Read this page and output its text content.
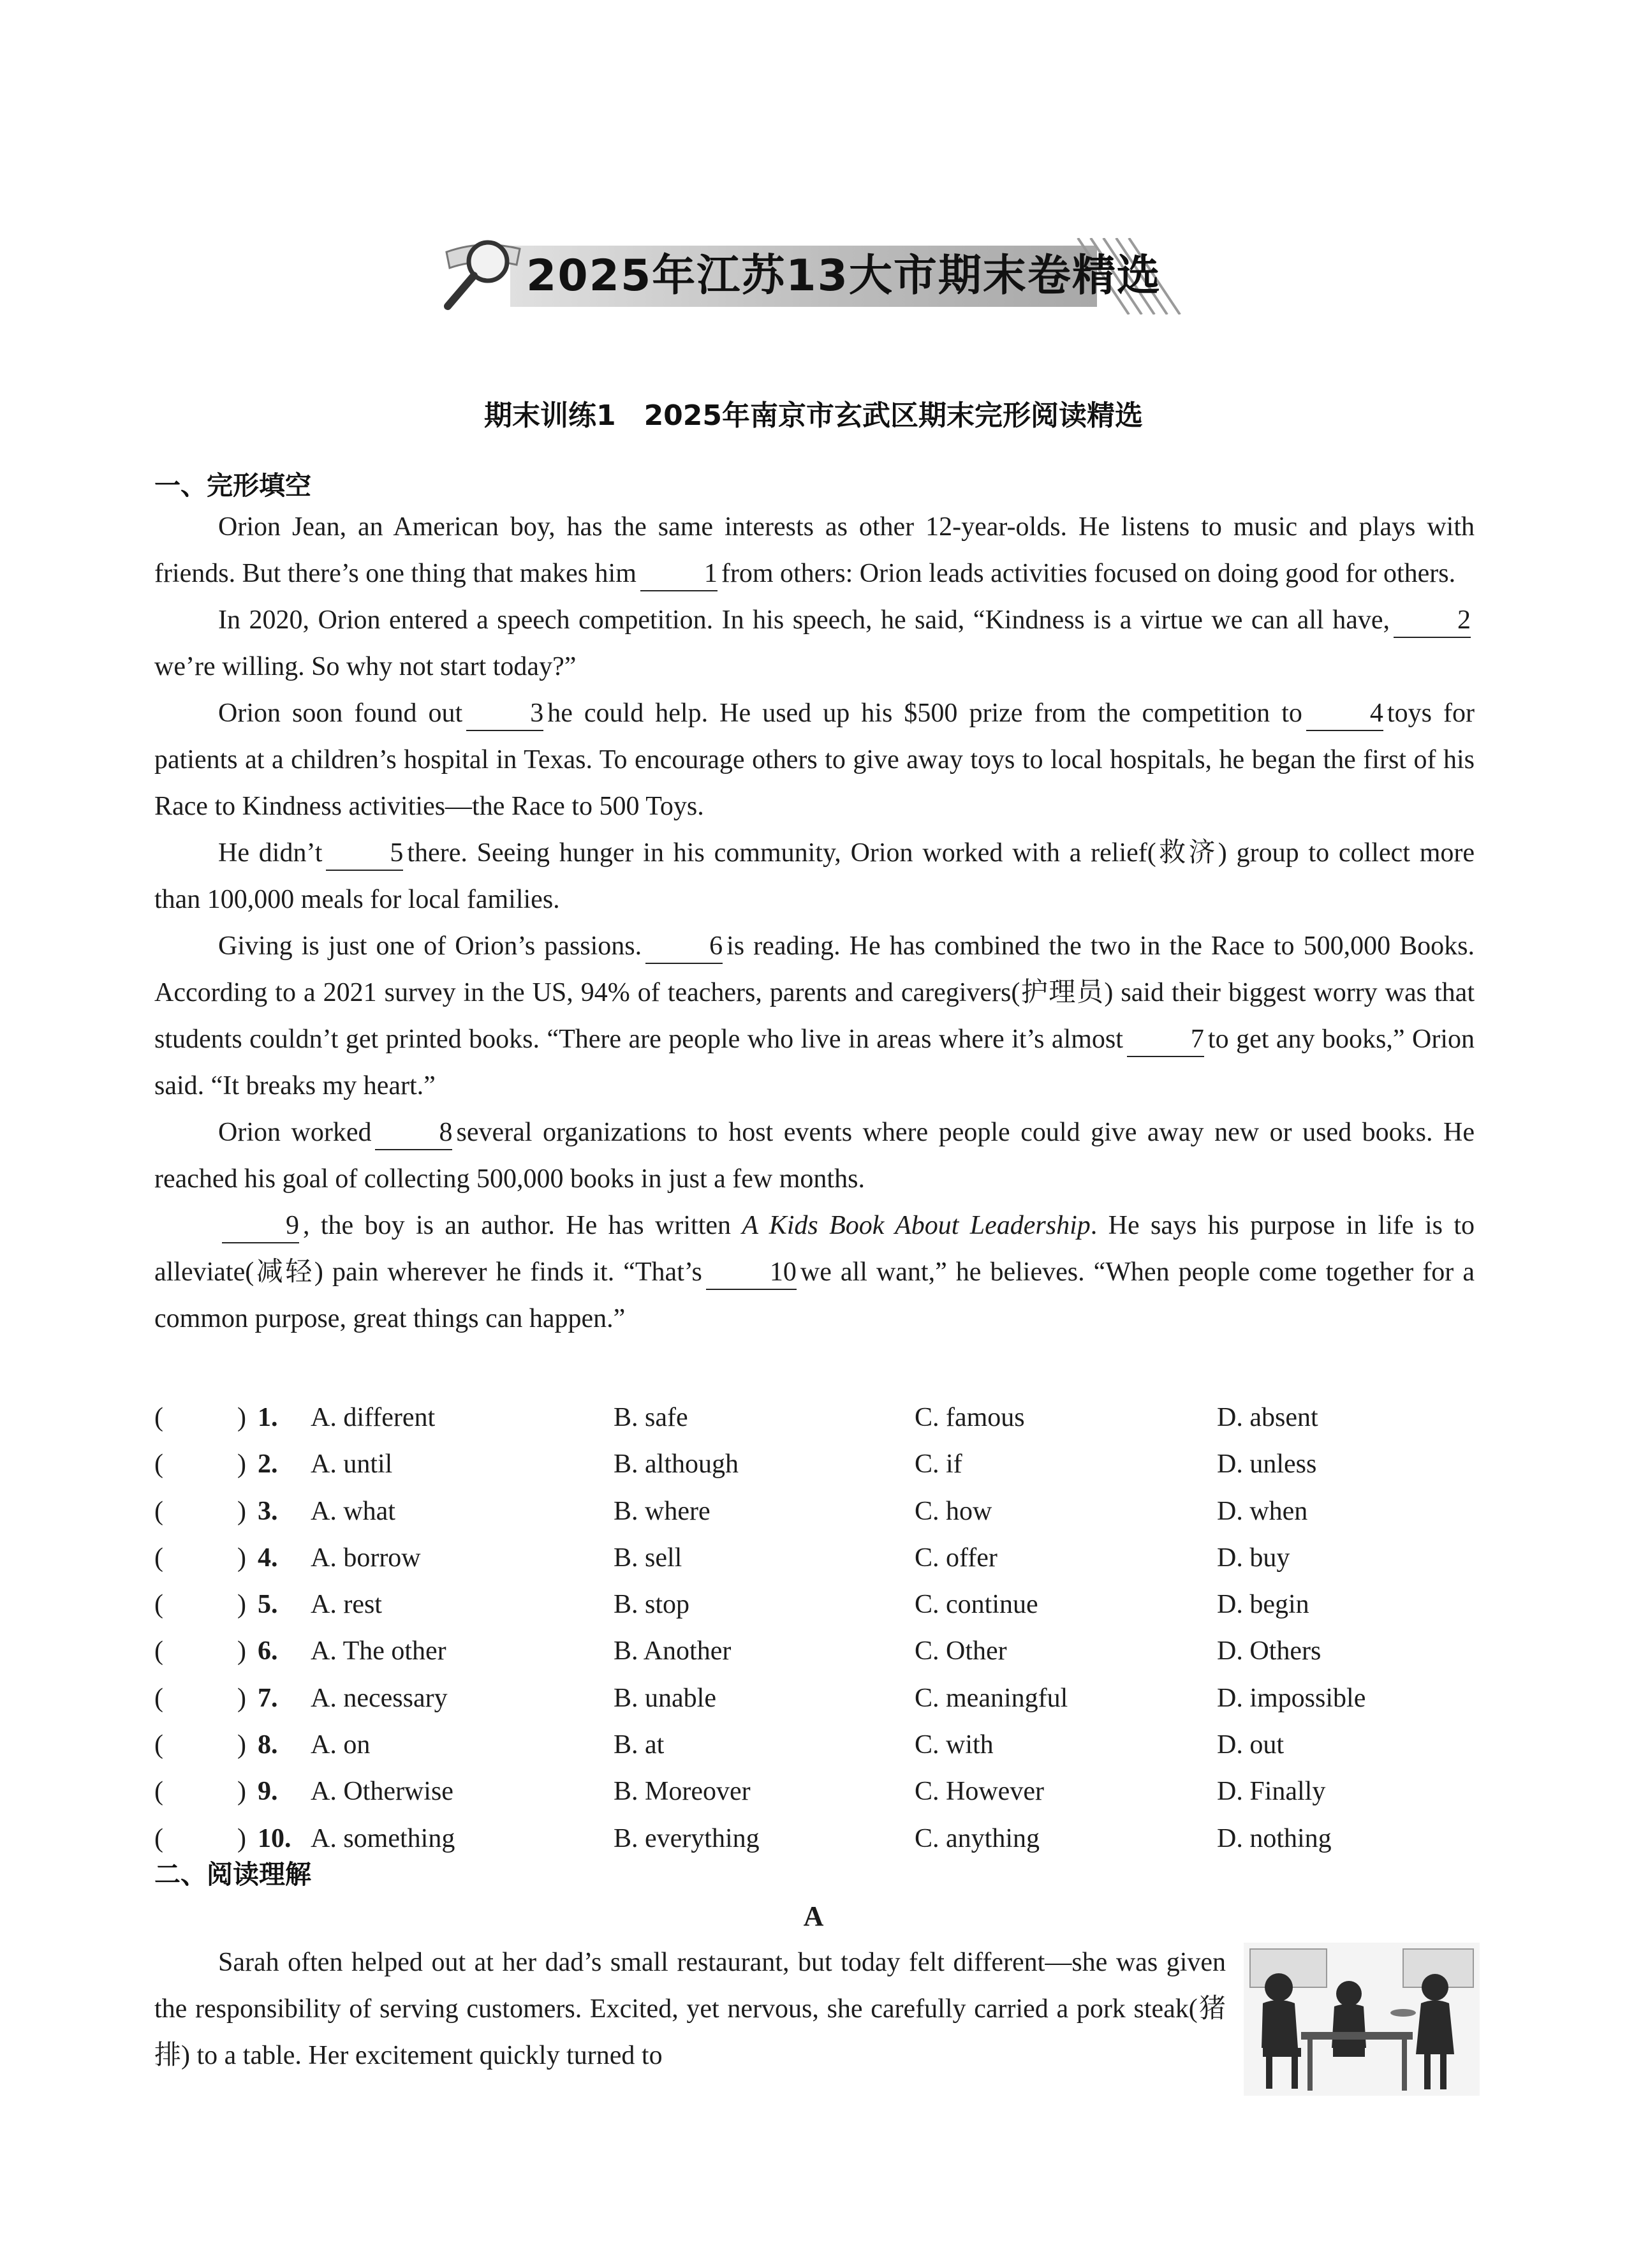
2025年江苏13大市期末卷精选
期末训练1　2025年南京市玄武区期末完形阅读精选
一、完形填空

Orion Jean, an American boy, has the same interests as other 12-year-olds. He listens to music and plays with friends. But there’s one thing that makes him	1 from others: Orion leads activities focused on doing good for others.

In 2020, Orion entered a speech competition. In his speech, he said, “Kindness is a virtue we can all have,	2we’re willing. So why not start today?”

Orion soon found out	3 he could help. He used up his $500 prize from the competition to	4 toys for patients at a children’s hospital in Texas. To encourage others to give away toys to local hospitals, he began the first of his Race to Kindness activities—the Race to 500 Toys.

He didn’t	5 there. Seeing hunger in his community, Orion worked with a relief(救济) group to collect more than 100,000 meals for local families.

Giving is just one of Orion’s passions.	6 is reading. He has combined the two in the Race to 500,000 Books. According to a 2021 survey in the US, 94% of teachers, parents and caregivers(护理员) said their biggest worry was that students couldn’t get printed books. “There are people who live in areas where it’s almost	7 to get any books,” Orion said. “It breaks my heart.”

Orion worked	8 several organizations to host events where people could give away new or used books. He reached his goal of collecting 500,000 books in just a few months.

9 , the boy is an author. He has written A Kids Book About Leadership. He says his purpose in life is to alleviate(减轻) pain wherever he finds it. “That’s	10 we all want,” he believes. “When people come together for a common purpose, great things can happen.”

(	) 1. A. different	B. safe	C. famous	D. absent
(	) 2. A. until	B. although	C. if	D. unless
(	) 3. A. what	B. where	C. how	D. when
(	) 4. A. borrow	B. sell	C. offer	D. buy
(	) 5. A. rest	B. stop	C. continue	D. begin
(	) 6. A. The other	B. Another	C. Other	D. Others
(	) 7. A. necessary	B. unable	C. meaningful	D. impossible
(	) 8. A. on	B. at	C. with	D. out
(	) 9. A. Otherwise	B. Moreover	C. However	D. Finally
(	) 10. A. something	B. everything	C. anything	D. nothing
二、阅读理解
A

Sarah often helped out at her dad’s small restaurant, but today felt different—she was given the responsibility of serving customers. Excited, yet nervous, she carefully carried a pork steak(猪排) to a table. Her excitement quickly turned to
